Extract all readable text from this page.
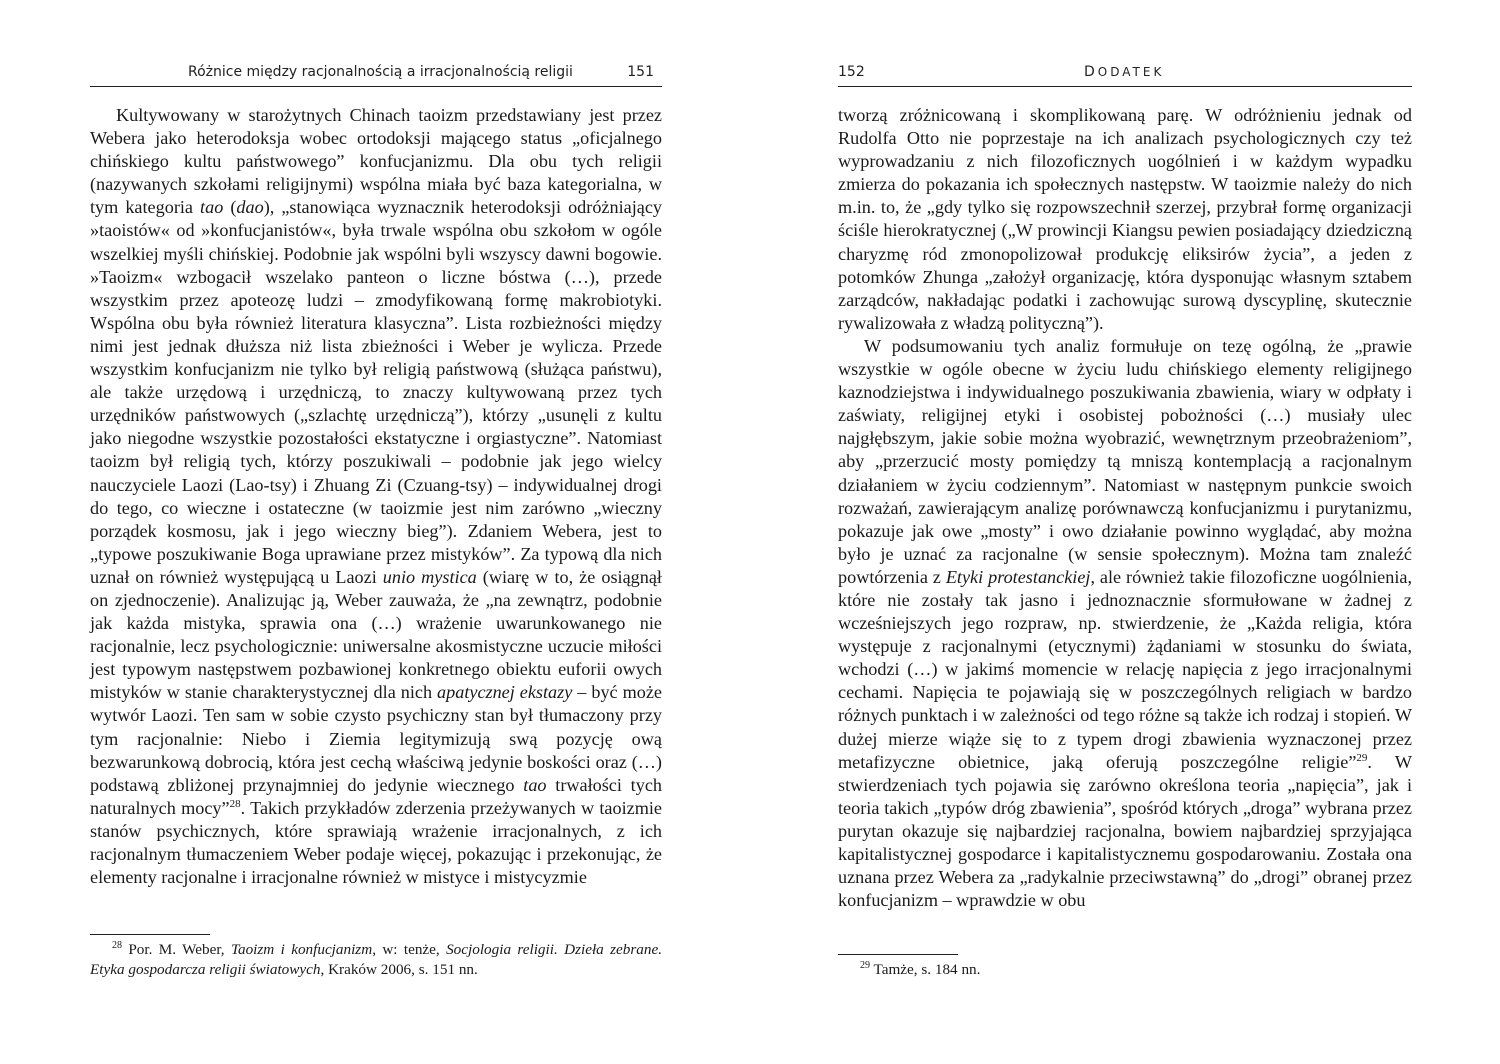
Różnice między racjonalnością a irracjonalnością religii	151

Kultywowany w starożytnych Chinach taoizm przedstawiany jest przez Webera jako heterodoksja wobec ortodoksji mającego status „oficjalnego chińskiego kultu państwowego” konfucjanizmu. Dla obu tych religii (nazywanych szkołami religijnymi) wspólna miała być baza kategorialna, w tym kategoria tao (dao), „stanowiąca wyznacznik heterodoksji odróżniający »taoistów« od »konfucjanistów«, była trwale wspólna obu szkołom w ogóle wszelkiej myśli chińskiej. Podobnie jak wspólni byli wszyscy dawni bogowie. »Taoizm« wzbogacił wszelako panteon o liczne bóstwa (…), przede wszystkim przez apoteozę ludzi – zmodyfikowaną formę makrobiotyki. Wspólna obu była również literatura klasyczna”. Lista rozbieżności między nimi jest jednak dłuższa niż lista zbieżności i Weber je wylicza. Przede wszystkim konfucjanizm nie tylko był religią państwową (służąca państwu), ale także urzędową i urzędniczą, to znaczy kultywowaną przez tych urzędników państwowych („szlachtę urzędniczą”), którzy „usunęli z kultu jako niegodne wszystkie pozostałości ekstatyczne i orgiastyczne”. Natomiast taoizm był religią tych, którzy poszukiwali – podobnie jak jego wielcy nauczyciele Laozi (Lao-tsy) i Zhuang Zi (Czuang-tsy) – indywidualnej drogi do tego, co wieczne i ostateczne (w taoizmie jest nim zarówno „wieczny porządek kosmosu, jak i jego wieczny bieg”). Zdaniem Webera, jest to „typowe poszukiwanie Boga uprawiane przez mistyków”. Za typową dla nich uznał on również występującą u Laozi unio mystica (wiarę w to, że osiągnął on zjednoczenie). Analizując ją, Weber zauważa, że „na zewnątrz, podobnie jak każda mistyka, sprawia ona (…) wrażenie uwarunkowanego nie racjonalnie, lecz psychologicznie: uniwersalne akosmistyczne uczucie miłości jest typowym następstwem pozbawionej konkretnego obiektu euforii owych mistyków w stanie charakterystycznej dla nich apatycznej ekstazy – być może wytwór Laozi. Ten sam w sobie czysto psychiczny stan był tłumaczony przy tym racjonalnie: Niebo i Ziemia legitymizują swą pozycję ową bezwarunkową dobrocią, która jest cechą właściwą jedynie boskości oraz (…) podstawą zbliżonej przynajmniej do jedynie wiecznego tao trwałości tych naturalnych mocy”$^{28}$. Takich przykładów zderzenia przeżywanych w taoizmie stanów psychicznych, które sprawiają wrażenie irracjonalnych, z ich racjonalnym tłumaczeniem Weber podaje więcej, pokazując i przekonując, że elementy racjonalne i irracjonalne również w mistyce i mistycyzmie

$^{28}$ Por. M. Weber, Taoizm i konfucjanizm, w: tenże, Socjologia religii. Dzieła zebrane. Etyka gospodarcza religii światowych, Kraków 2006, s. 151 nn.

152	DODATEK

tworzą zróżnicowaną i skomplikowaną parę. W odróżnieniu jednak od Rudolfa Otto nie poprzestaje na ich analizach psychologicznych czy też wyprowadzaniu z nich filozoficznych uogólnień i w każdym wypadku zmierza do pokazania ich społecznych następstw. W taoizmie należy do nich m.in. to, że „gdy tylko się rozpowszechnił szerzej, przybrał formę organizacji ściśle hierokratycznej („W prowincji Kiangsu pewien posiadający dziedziczną charyzmę ród zmonopolizował produkcję eliksirów życia”, a jeden z potomków Zhunga „założył organizację, która dysponując własnym sztabem zarządców, nakładając podatki i zachowując surową dyscyplinę, skutecznie rywalizowała z władzą polityczną”).

W podsumowaniu tych analiz formułuje on tezę ogólną, że „prawie wszystkie w ogóle obecne w życiu ludu chińskiego elementy religijnego kaznodziejstwa i indywidualnego poszukiwania zbawienia, wiary w odpłaty i zaświaty, religijnej etyki i osobistej pobożności (…) musiały ulec najgłębszym, jakie sobie można wyobrazić, wewnętrznym przeobrażeniom”, aby „przerzucić mosty pomiędzy tą mniszą kontemplacją a racjonalnym działaniem w życiu codziennym”. Natomiast w następnym punkcie swoich rozważań, zawierającym analizę porównawczą konfucjanizmu i purytanizmu, pokazuje jak owe „mosty” i owo działanie powinno wyglądać, aby można było je uznać za racjonalne (w sensie społecznym). Można tam znaleźć powtórzenia z Etyki protestanckiej, ale również takie filozoficzne uogólnienia, które nie zostały tak jasno i jednoznacznie sformułowane w żadnej z wcześniejszych jego rozpraw, np. stwierdzenie, że „Każda religia, która występuje z racjonalnymi (etycznymi) żądaniami w stosunku do świata, wchodzi (…) w jakimś momencie w relację napięcia z jego irracjonalnymi cechami. Napięcia te pojawiają się w poszczególnych religiach w bardzo różnych punktach i w zależności od tego różne są także ich rodzaj i stopień. W dużej mierze wiąże się to z typem drogi zbawienia wyznaczonej przez metafizyczne obietnice, jaką oferują poszczególne religie”$^{29}$. W stwierdzeniach tych pojawia się zarówno określona teoria „napięcia”, jak i teoria takich „typów dróg zbawienia”, spośród których „droga” wybrana przez purytan okazuje się najbardziej racjonalna, bowiem najbardziej sprzyjająca kapitalistycznej gospodarce i kapitalistycznemu gospodarowaniu. Została ona uznana przez Webera za „radykalnie przeciwstawną” do „drogi” obranej przez konfucjanizm – wprawdzie w obu

$^{29}$ Tamże, s. 184 nn.
